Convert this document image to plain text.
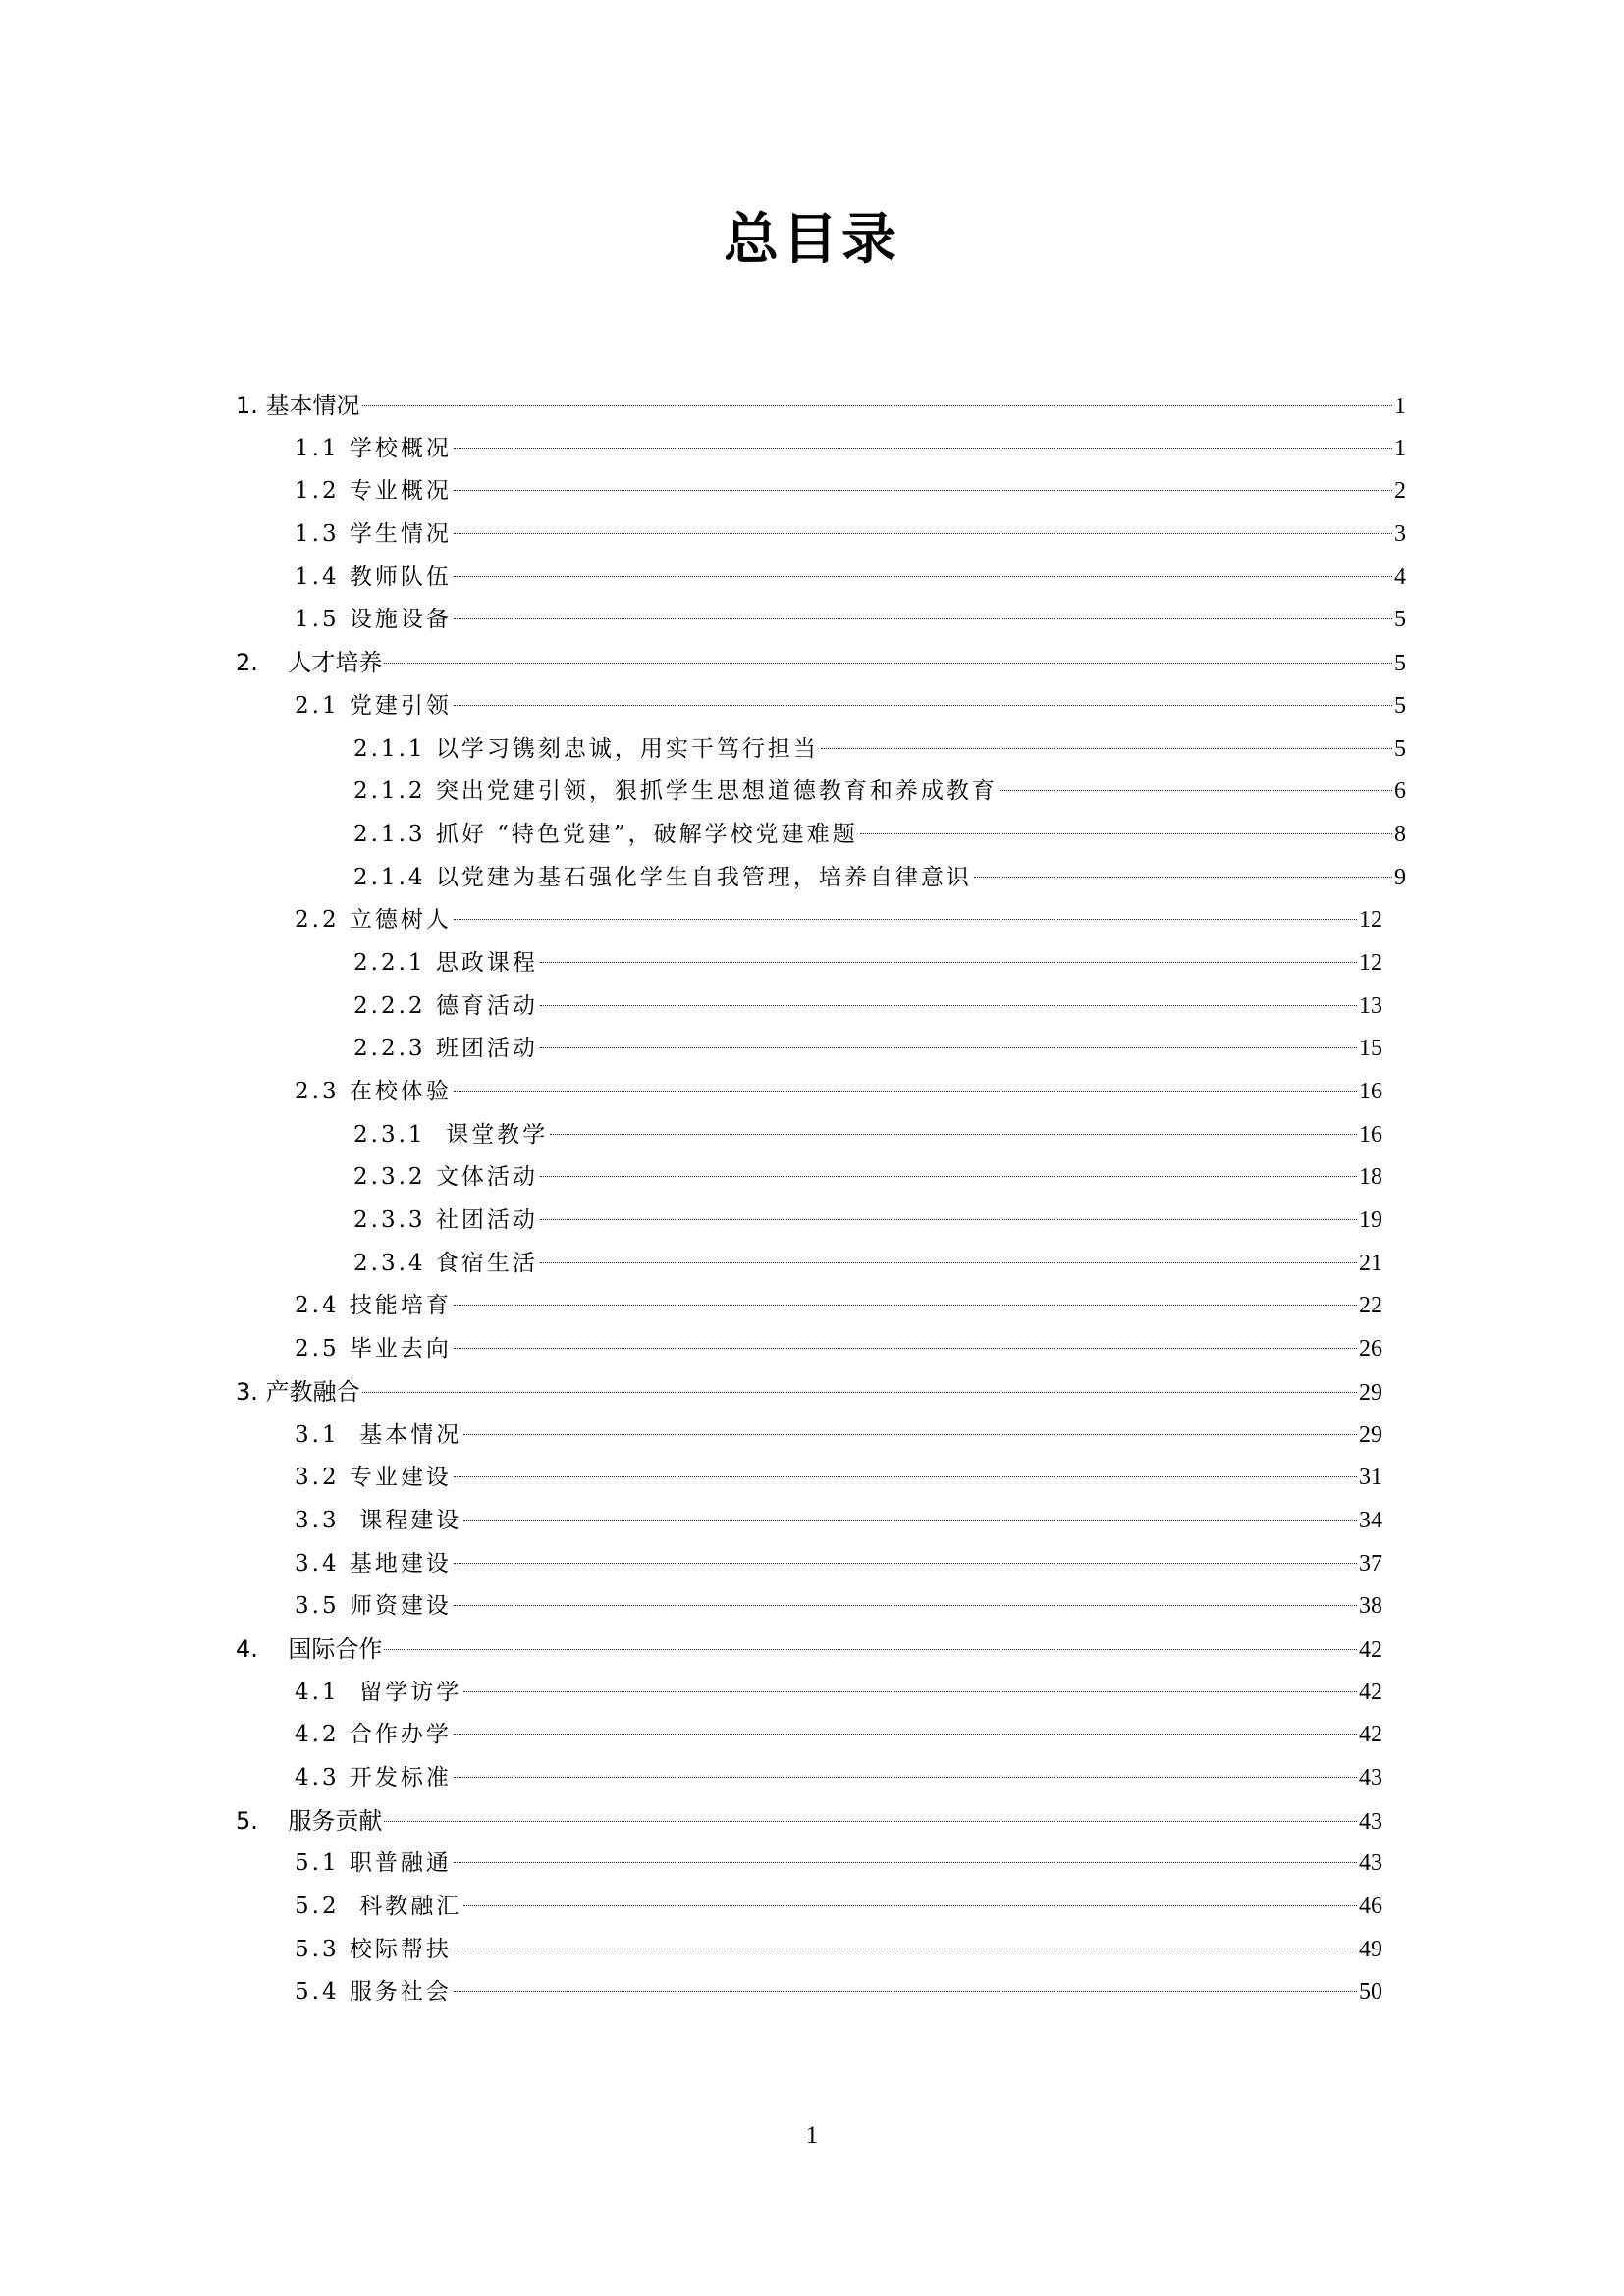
总目录
1. 基本情况	1
1.1 学校概况	1
1.2 专业概况	2
1.3 学生情况	3
1.4 教师队伍	4
1.5 设施设备	5
2.    人才培养	5
2.1 党建引领	5
2.1.1 以学习镌刻忠诚，用实干笃行担当	5
2.1.2 突出党建引领，狠抓学生思想道德教育和养成教育	6
2.1.3 抓好 “特色党建”，破解学校党建难题	8
2.1.4 以党建为基石强化学生自我管理，培养自律意识	9
2.2 立德树人	12
2.2.1 思政课程	12
2.2.2 德育活动	13
2.2.3 班团活动	15
2.3 在校体验	16
2.3.1  课堂教学	16
2.3.2 文体活动	18
2.3.3 社团活动	19
2.3.4 食宿生活	21
2.4 技能培育	22
2.5 毕业去向	26
3. 产教融合	29
3.1  基本情况	29
3.2 专业建设	31
3.3  课程建设	34
3.4 基地建设	37
3.5 师资建设	38
4.    国际合作	42
4.1  留学访学	42
4.2 合作办学	42
4.3 开发标准	43
5.    服务贡献	43
5.1 职普融通	43
5.2  科教融汇	46
5.3 校际帮扶	49
5.4 服务社会	50
1
